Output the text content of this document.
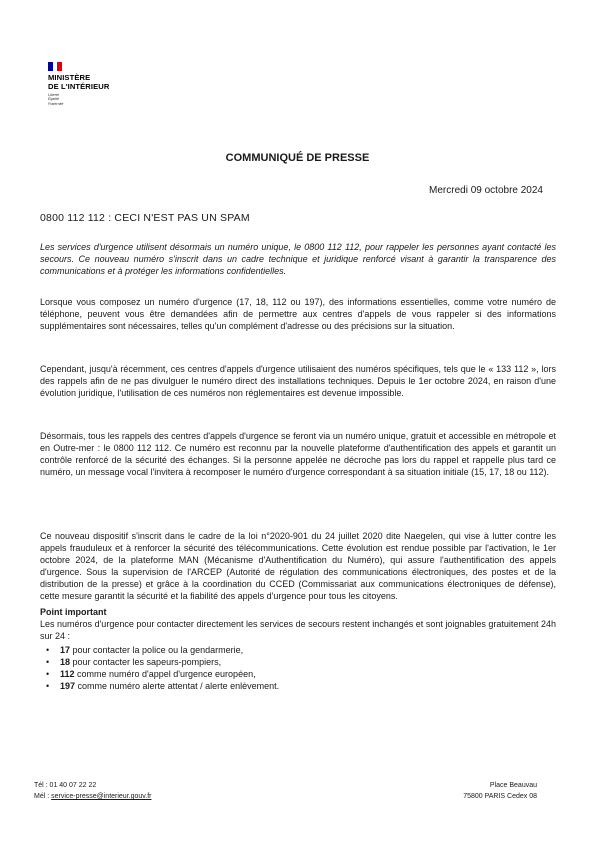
MINISTÈRE
DE L'INTÉRIEUR
Liberté
Égalité
Fraternité
COMMUNIQUÉ DE PRESSE
Mercredi 09 octobre 2024
0800 112 112 : CECI N'EST PAS UN SPAM
Les services d'urgence utilisent désormais un numéro unique, le 0800 112 112, pour rappeler les personnes ayant contacté les secours. Ce nouveau numéro s'inscrit dans un cadre technique et juridique renforcé visant à garantir la transparence des communications et à protéger les informations confidentielles.
Lorsque vous composez un numéro d'urgence (17, 18, 112 ou 197), des informations essentielles, comme votre numéro de téléphone, peuvent vous être demandées afin de permettre aux centres d'appels de vous rappeler si des informations supplémentaires sont nécessaires, telles qu'un complément d'adresse ou des précisions sur la situation.
Cependant, jusqu'à récemment, ces centres d'appels d'urgence utilisaient des numéros spécifiques, tels que le « 133 112 », lors des rappels afin de ne pas divulguer le numéro direct des installations techniques. Depuis le 1er octobre 2024, en raison d'une évolution juridique, l'utilisation de ces numéros non réglementaires est devenue impossible.
Désormais, tous les rappels des centres d'appels d'urgence se feront via un numéro unique, gratuit et accessible en métropole et en Outre-mer : le 0800 112 112. Ce numéro est reconnu par la nouvelle plateforme d'authentification des appels et garantit un contrôle renforcé de la sécurité des échanges. Si la personne appelée ne décroche pas lors du rappel et rappelle plus tard ce numéro, un message vocal l'invitera à recomposer le numéro d'urgence correspondant à sa situation initiale (15, 17, 18 ou 112).
Ce nouveau dispositif s'inscrit dans le cadre de la loi n°2020-901 du 24 juillet 2020 dite Naegelen, qui vise à lutter contre les appels frauduleux et à renforcer la sécurité des télécommunications. Cette évolution est rendue possible par l'activation, le 1er octobre 2024, de la plateforme MAN (Mécanisme d'Authentification du Numéro), qui assure l'authentification des appels d'urgence. Sous la supervision de l'ARCEP (Autorité de régulation des communications électroniques, des postes et de la distribution de la presse) et grâce à la coordination du CCED (Commissariat aux communications électroniques de défense), cette mesure garantit la sécurité et la fiabilité des appels d'urgence pour tous les citoyens.
Point important
Les numéros d'urgence pour contacter directement les services de secours restent inchangés et sont joignables gratuitement 24h sur 24 :
• 17 pour contacter la police ou la gendarmerie,
• 18 pour contacter les sapeurs-pompiers,
• 112 comme numéro d'appel d'urgence européen,
• 197 comme numéro alerte attentat / alerte enlèvement.
Tél : 01 40 07 22 22
Mél : service-presse@interieur.gouv.fr
Place Beauvau
75800 PARIS Cedex 08
